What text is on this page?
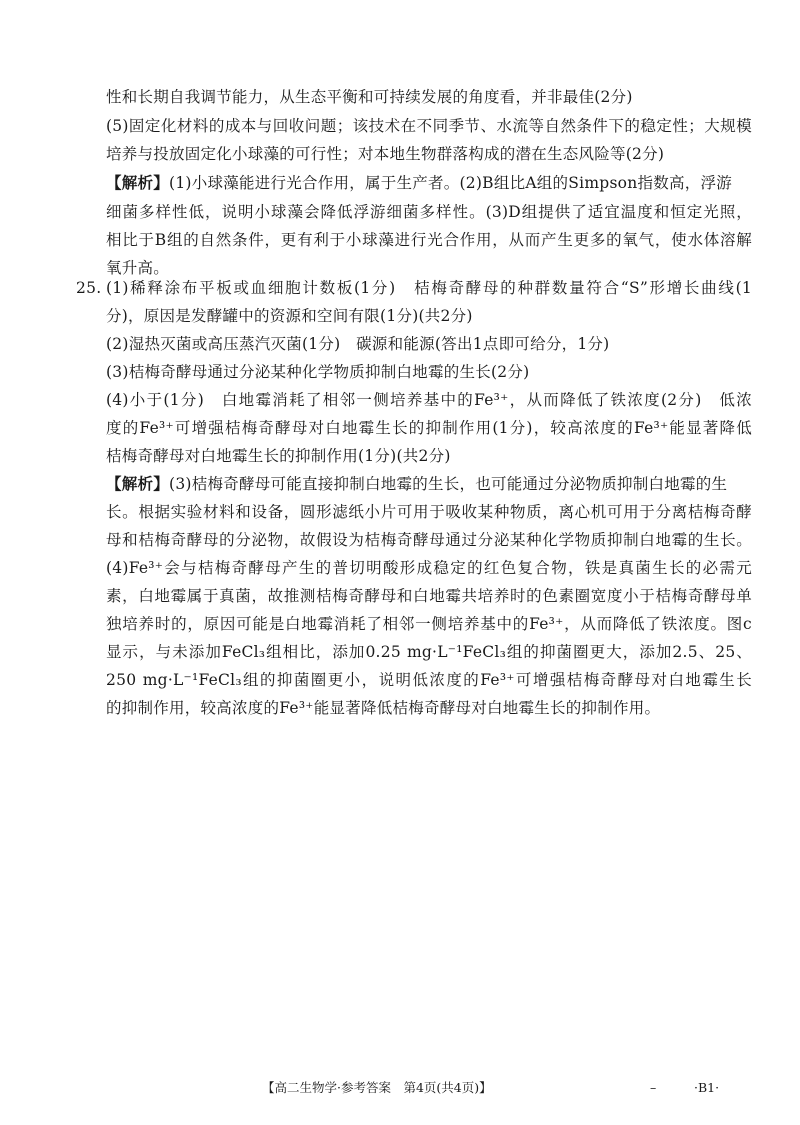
性和长期自我调节能力，从生态平衡和可持续发展的角度看，并非最佳(2分)
(5)固定化材料的成本与回收问题；该技术在不同季节、水流等自然条件下的稳定性；大规模
培养与投放固定化小球藻的可行性；对本地生物群落构成的潜在生态风险等(2分)
【解析】(1)小球藻能进行光合作用，属于生产者。(2)B组比A组的Simpson指数高，浮游
细菌多样性低，说明小球藻会降低浮游细菌多样性。(3)D组提供了适宜温度和恒定光照，
相比于B组的自然条件，更有利于小球藻进行光合作用，从而产生更多的氧气，使水体溶解
氧升高。
25. (1)稀释涂布平板或血细胞计数板(1分)　桔梅奇酵母的种群数量符合“S”形增长曲线(1
分)，原因是发酵罐中的资源和空间有限(1分)(共2分)
(2)湿热灭菌或高压蒸汽灭菌(1分)　碳源和能源(答出1点即可给分，1分)
(3)桔梅奇酵母通过分泌某种化学物质抑制白地霉的生长(2分)
(4)小于(1分)　白地霉消耗了相邻一侧培养基中的Fe³⁺，从而降低了铁浓度(2分)　低浓
度的Fe³⁺可增强桔梅奇酵母对白地霉生长的抑制作用(1分)，较高浓度的Fe³⁺能显著降低
桔梅奇酵母对白地霉生长的抑制作用(1分)(共2分)
【解析】(3)桔梅奇酵母可能直接抑制白地霉的生长，也可能通过分泌物质抑制白地霉的生
长。根据实验材料和设备，圆形滤纸小片可用于吸收某种物质，离心机可用于分离桔梅奇酵
母和桔梅奇酵母的分泌物，故假设为桔梅奇酵母通过分泌某种化学物质抑制白地霉的生长。
(4)Fe³⁺会与桔梅奇酵母产生的普切明酸形成稳定的红色复合物，铁是真菌生长的必需元
素，白地霉属于真菌，故推测桔梅奇酵母和白地霉共培养时的色素圈宽度小于桔梅奇酵母单
独培养时的，原因可能是白地霉消耗了相邻一侧培养基中的Fe³⁺，从而降低了铁浓度。图c
显示，与未添加FeCl₃组相比，添加0.25 mg·L⁻¹FeCl₃组的抑菌圈更大，添加2.5、25、
250 mg·L⁻¹FeCl₃组的抑菌圈更小，说明低浓度的Fe³⁺可增强桔梅奇酵母对白地霉生长
的抑制作用，较高浓度的Fe³⁺能显著降低桔梅奇酵母对白地霉生长的抑制作用。
【高二生物学·参考答案　第4页(共4页)】	–	·B1·
